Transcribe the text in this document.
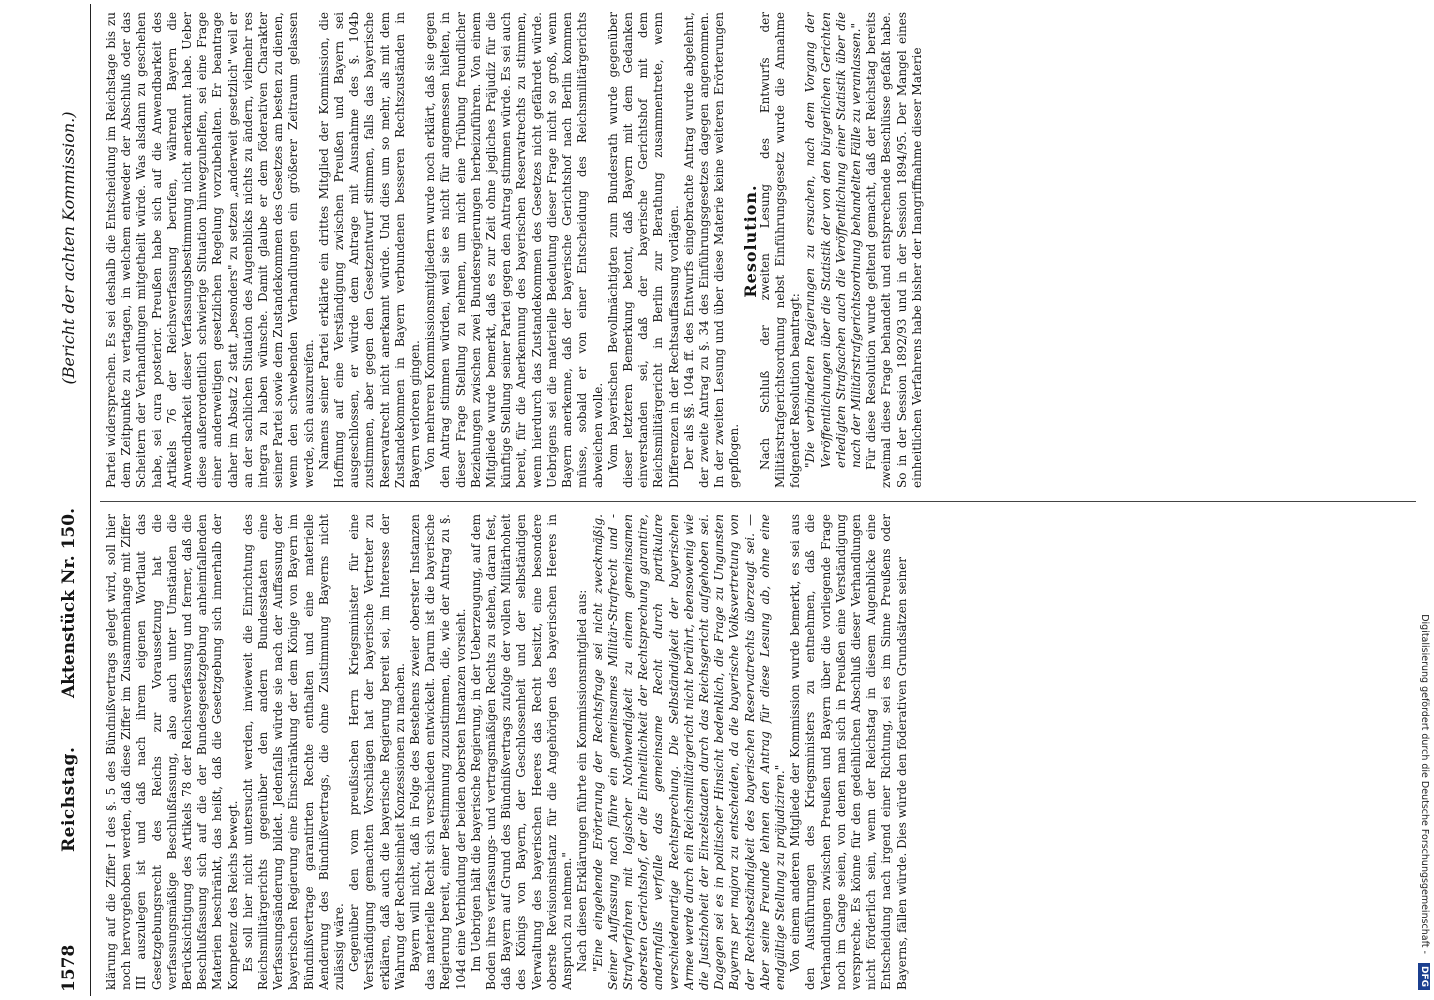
1578
Reichstag.
Aktenstück Nr. 150.
(Bericht der achten Kommission.)

klärung auf die Ziffer I des §. 5 des Bündnißvertrags gelegt wird, soll hier noch hervorgehoben werden, daß diese Ziffer im Zusammenhange mit Ziffer III auszulegen ist und daß nach ihrem eigenen Wortlaut das Gesetzgebungsrecht des Reichs zur Voraussetzung hat die verfassungsmäßige Beschlußfassung, also auch unter Umständen die Berücksichtigung des Artikels 78 der Reichsverfassung und ferner, daß die Beschlußfassung sich auf die der Bundesgesetzgebung anheimfallenden Materien beschränkt, das heißt, daß die Gesetzgebung sich innerhalb der Kompetenz des Reichs bewegt. Es soll hier nicht untersucht werden, inwieweit die Einrichtung des Reichsmilitärgerichts gegenüber den andern Bundesstaaten eine Verfassungsänderung bildet. Jedenfalls würde sie nach der Auffassung der bayerischen Regierung eine Einschränkung der dem Könige von Bayern im Bündnißvertrage garantirten Rechte enthalten und eine materielle Aenderung des Bündnißvertrags, die ohne Zustimmung Bayerns nicht zulässig wäre. Gegenüber den vom preußischen Herrn Kriegsminister für eine Verständigung gemachten Vorschlägen hat der bayerische Vertreter zu erklären, daß auch die bayerische Regierung bereit sei, im Interesse der Wahrung der Rechtseinheit Konzessionen zu machen. Bayern will nicht, daß in Folge des Bestehens zweier oberster Instanzen das materielle Recht sich verschieden entwickelt. Darum ist die bayerische Regierung bereit, einer Bestimmung zuzustimmen, die, wie der Antrag zu §. 104d eine Verbindung der beiden obersten Instanzen vorsieht. Im Uebrigen hält die bayerische Regierung, in der Ueberzeugung, auf dem Boden ihres verfassungs- und vertragsmäßigen Rechts zu stehen, daran fest, daß Bayern auf Grund des Bündnißvertrags zufolge der vollen Militärhoheit des Königs von Bayern, der Geschlossenheit und der selbständigen Verwaltung des bayerischen Heeres das Recht besitzt, eine besondere oberste Revisionsinstanz für die Angehörigen des bayerischen Heeres in Anspruch zu nehmen." Nach diesen Erklärungen führte ein Kommissionsmitglied aus: "Eine eingehende Erörterung der Rechtsfrage sei nicht zweckmäßig. Seiner Auffassung nach führe ein gemeinsames Militär-Strafrecht und -Strafverfahren mit logischer Nothwendigkeit zu einem gemeinsamen obersten Gerichtshof, der die Einheitlichkeit der Rechtsprechung garantire, andernfalls verfalle das gemeinsame Recht durch partikulare verschiedenartige Rechtsprechung. Die Selbständigkeit der bayerischen Armee werde durch ein Reichsmilitärgericht nicht berührt, ebensowenig wie die Justizhoheit der Einzelstaaten durch das Reichsgericht aufgehoben sei. Dagegen sei es in politischer Hinsicht bedenklich, die Frage zu Ungunsten Bayerns per majora zu entscheiden, da die bayerische Volksvertretung von der Rechtsbeständigkeit des bayerischen Reservatrechts überzeugt sei. — Aber seine Freunde lehnen den Antrag für diese Lesung ab, ohne eine endgültige Stellung zu präjudiziren." Von einem anderen Mitgliede der Kommission wurde bemerkt, es sei aus den Ausführungen des Kriegsministers zu entnehmen, daß die Verhandlungen zwischen Preußen und Bayern über die vorliegende Frage noch im Gange seien, von denen man sich in Preußen eine Verständigung verspreche. Es könne für den gedeihlichen Abschluß dieser Verhandlungen nicht förderlich sein, wenn der Reichstag in diesem Augenblicke eine Entscheidung nach irgend einer Richtung, sei es im Sinne Preußens oder Bayerns, fällen würde. Dies würde den föderativen Grundsätzen seiner

Partei widersprechen. Es sei deshalb die Entscheidung im Reichstage bis zu dem Zeitpunkte zu vertagen, in welchem entweder der Abschluß oder das Scheitern der Verhandlungen mitgetheilt würde. Was alsdann zu geschehen habe, sei cura posterior. Preußen habe sich auf die Anwendbarkeit des Artikels 76 der Reichsverfassung berufen, während Bayern die Anwendbarkeit dieser Verfassungsbestimmung nicht anerkannt habe. Ueber diese außerordentlich schwierige Situation hinwegzuhelfen, sei eine Frage einer anderweitigen gesetzlichen Regelung vorzubehalten. Er beantrage daher im Absatz 2 statt „besonders" zu setzen „anderweit gesetzlich" weil er an der sachlichen Situation des Augenblicks nichts zu ändern, vielmehr res integra zu haben wünsche. Damit glaube er dem föderativen Charakter seiner Partei sowie dem Zustandekommen des Gesetzes am besten zu dienen, wenn den schwebenden Verhandlungen ein größerer Zeitraum gelassen werde, sich auszureifen. Namens seiner Partei erklärte ein drittes Mitglied der Kommission, die Hoffnung auf eine Verständigung zwischen Preußen und Bayern sei ausgeschlossen, er würde dem Antrage mit Ausnahme des §. 104b zustimmen, aber gegen den Gesetzentwurf stimmen, falls das bayerische Reservatrecht nicht anerkannt würde. Und dies um so mehr, als mit dem Zustandekommen in Bayern verbundenen besseren Rechtszuständen in Bayern verloren gingen. Von mehreren Kommissionsmitgliedern wurde noch erklärt, daß sie gegen den Antrag stimmen würden, weil sie es nicht für angemessen hielten, in dieser Frage Stellung zu nehmen, um nicht eine Trübung freundlicher Beziehungen zwischen zwei Bundesregierungen herbeizuführen. Von einem Mitgliede wurde bemerkt, daß es zur Zeit ohne jegliches Präjudiz für die künftige Stellung seiner Partei gegen den Antrag stimmen würde. Es sei auch bereit, für die Anerkennung des bayerischen Reservatrechts zu stimmen, wenn hierdurch das Zustandekommen des Gesetzes nicht gefährdet würde. Uebrigens sei die materielle Bedeutung dieser Frage nicht so groß, wenn Bayern anerkenne, daß der bayerische Gerichtshof nach Berlin kommen müsse, sobald er von einer Entscheidung des Reichsmilitärgerichts abweichen wolle. Vom bayerischen Bevollmächtigten zum Bundesrath wurde gegenüber dieser letzteren Bemerkung betont, daß Bayern mit dem Gedanken einverstanden sei, daß der bayerische Gerichtshof mit dem Reichsmilitärgericht in Berlin zur Berathung zusammentrete, wenn Differenzen in der Rechtsauffassung vorlägen. Der als §§. 104a ff. des Entwurfs eingebrachte Antrag wurde abgelehnt, der zweite Antrag zu §. 34 des Einführungsgesetzes dagegen angenommen. In der zweiten Lesung und über diese Materie keine weiteren Erörterungen gepflogen.

Resolution.

Nach Schluß der zweiten Lesung des Entwurfs der Militärstrafgerichtsordnung nebst Einführungsgesetz wurde die Annahme folgender Resolution beantragt: "Die verbündeten Regierungen zu ersuchen, nach dem Vorgang der Veröffentlichungen über die Statistik der von den bürgerlichen Gerichten erledigten Strafsachen auch die Veröffentlichung einer Statistik über die nach der Militärstrafgerichtsordnung behandelten Fälle zu veranlassen." Für diese Resolution wurde geltend gemacht, daß der Reichstag bereits zweimal diese Frage behandelt und entsprechende Beschlüsse gefaßt habe. So in der Session 1892/93 und in der Session 1894/95. Der Mangel eines einheitlichen Verfahrens habe bisher der Inangriffnahme dieser Materie

Digitalisierung gefördert durch die Deutsche Forschungsgemeinschaft - DFG
